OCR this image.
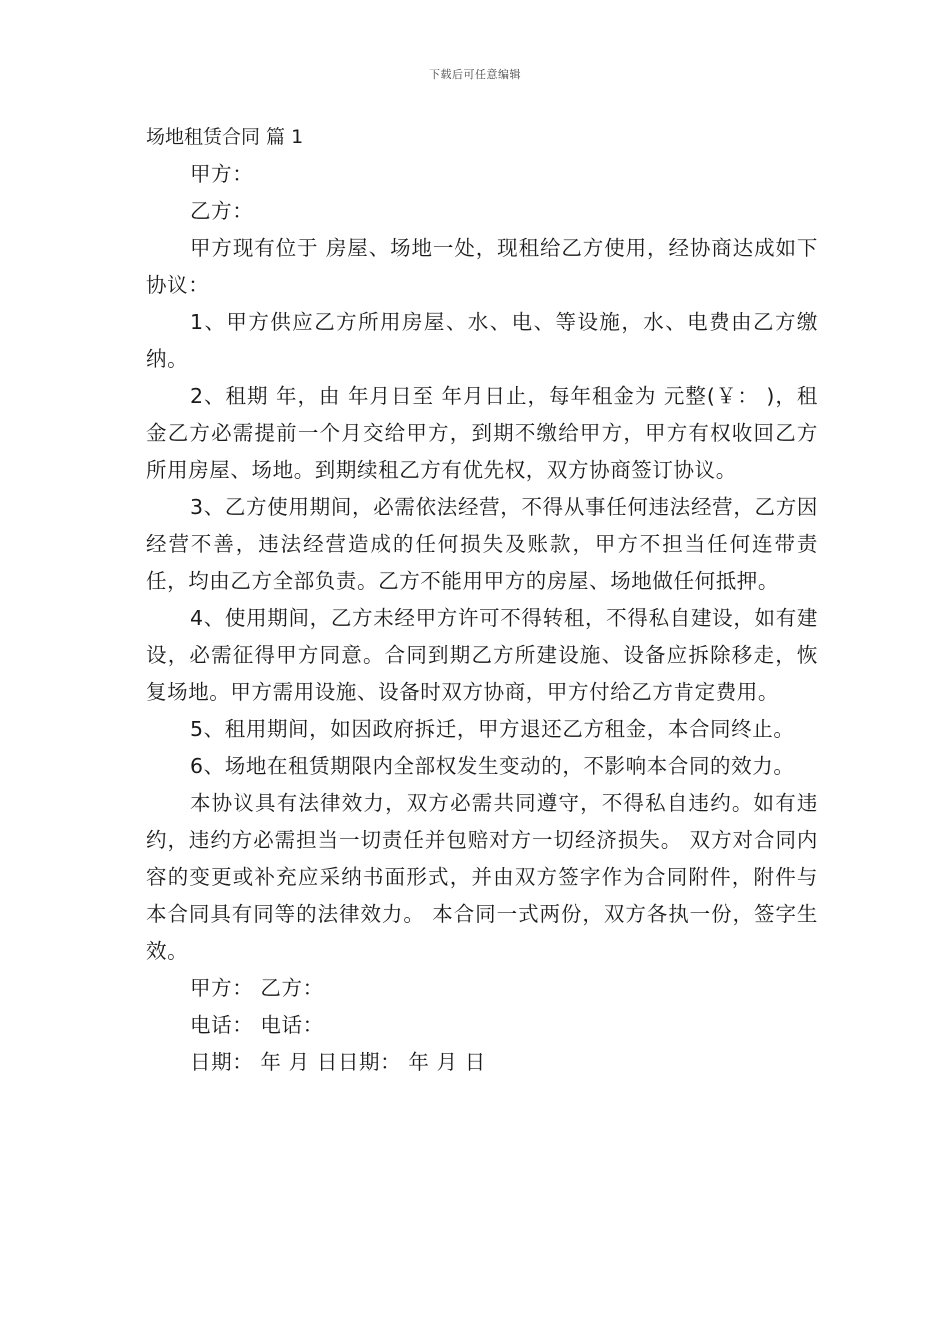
下载后可任意编辑
场地租赁合同 篇 1

甲方：

乙方：

甲方现有位于 房屋、场地一处，现租给乙方使用，经协商达成如下协议：

1、甲方供应乙方所用房屋、水、电、等设施，水、电费由乙方缴纳。

2、租期 年，由 年月日至 年月日止，每年租金为 元整(￥： )，租金乙方必需提前一个月交给甲方，到期不缴给甲方，甲方有权收回乙方所用房屋、场地。到期续租乙方有优先权，双方协商签订协议。

3、乙方使用期间，必需依法经营，不得从事任何违法经营，乙方因经营不善，违法经营造成的任何损失及账款，甲方不担当任何连带责任，均由乙方全部负责。乙方不能用甲方的房屋、场地做任何抵押。

4、使用期间，乙方未经甲方许可不得转租，不得私自建设，如有建设，必需征得甲方同意。合同到期乙方所建设施、设备应拆除移走，恢复场地。甲方需用设施、设备时双方协商，甲方付给乙方肯定费用。

5、租用期间，如因政府拆迁，甲方退还乙方租金，本合同终止。

6、场地在租赁期限内全部权发生变动的，不影响本合同的效力。

本协议具有法律效力，双方必需共同遵守，不得私自违约。如有违约，违约方必需担当一切责任并包赔对方一切经济损失。 双方对合同内容的变更或补充应采纳书面形式，并由双方签字作为合同附件，附件与本合同具有同等的法律效力。 本合同一式两份，双方各执一份，签字生效。

甲方： 乙方：

电话： 电话：

日期： 年 月 日日期： 年 月 日
